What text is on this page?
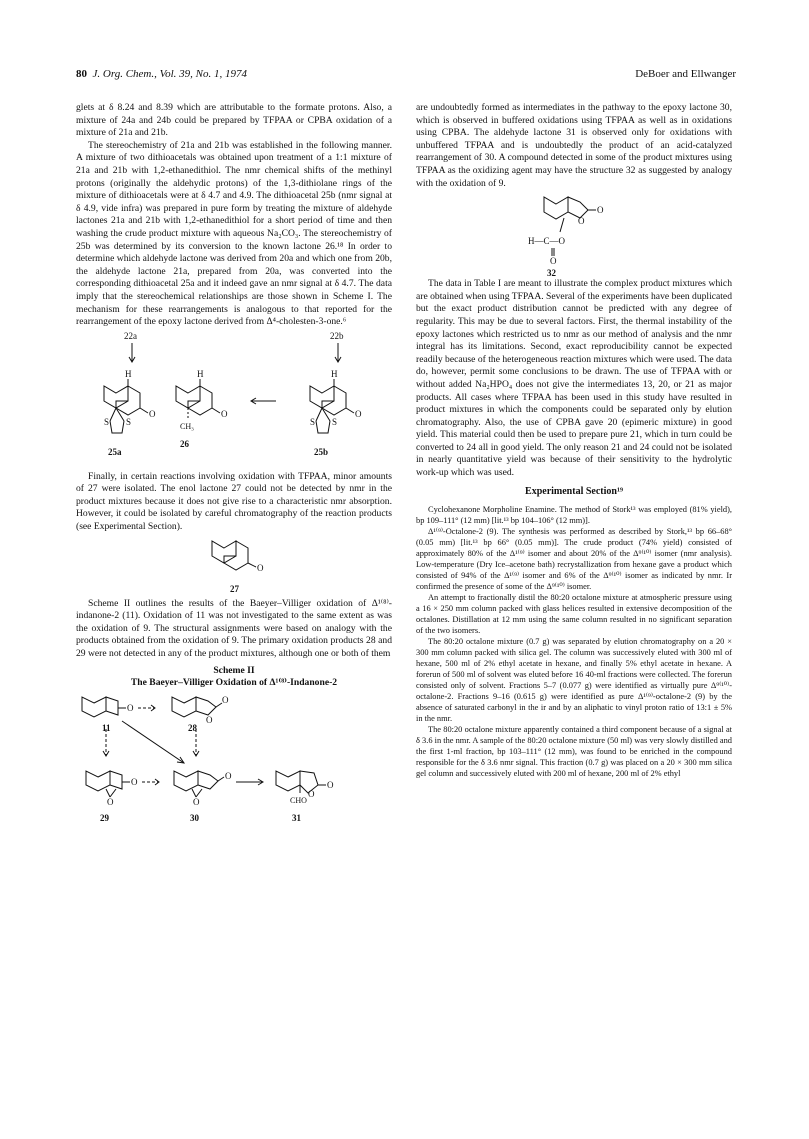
80 J. Org. Chem., Vol. 39, No. 1, 1974	DeBoer and Ellwanger

glets at δ 8.24 and 8.39 which are attributable to the formate protons. Also, a mixture of 24a and 24b could be prepared by TFPAA or CPBA oxidation of a mixture of 21a and 21b.

The stereochemistry of 21a and 21b was established in the following manner. A mixture of two dithioacetals was obtained upon treatment of a 1:1 mixture of 21a and 21b with 1,2-ethanedithiol. The nmr chemical shifts of the methinyl protons (originally the aldehydic protons) of the 1,3-dithiolane rings of the mixture of dithioacetals were at δ 4.7 and 4.9. The dithioacetal 25b (nmr signal at δ 4.9, vide infra) was prepared in pure form by treating the mixture of aldehyde lactones 21a and 21b with 1,2-ethanedithiol for a short period of time and then washing the crude product mixture with aqueous Na₂CO₃. The stereochemistry of 25b was determined by its conversion to the known lactone 26.¹⁸ In order to determine which aldehyde lactone was derived from 20a and which one from 20b, the aldehyde lactone 21a, prepared from 20a, was converted into the corresponding dithioacetal 25a and it indeed gave an nmr signal at δ 4.7. The data imply that the stereochemical relationships are those shown in Scheme I. The mechanism for these rearrangements is analogous to that reported for the rearrangement of the epoxy lactone derived from Δ⁴-cholesten-3-one.⁶

22a	22b
H	H	H
O	O	O
S S	S S
CH₃
26
25a	25b

Finally, in certain reactions involving oxidation with TFPAA, minor amounts of 27 were isolated. The enol lactone 27 could not be detected by nmr in the product mixtures because it does not give rise to a characteristic nmr absorption. However, it could be isolated by careful chromatography of the reaction products (see Experimental Section).

O
27

Scheme II outlines the results of the Baeyer–Villiger oxidation of Δ¹⁽⁸⁾-indanone-2 (11). Oxidation of 11 was not investigated to the same extent as was the oxidation of 9. The structural assignments were based on analogy with the products obtained from the oxidation of 9. The primary oxidation products 28 and 29 were not detected in any of the product mixtures, although one or both of them

Scheme II
The Baeyer–Villiger Oxidation of Δ¹⁽⁸⁾-Indanone-2
O
O
O
11	28
O
O
O
O
O
O
CHO
29	30	31

are undoubtedly formed as intermediates in the pathway to the epoxy lactone 30, which is observed in buffered oxidations using TFPAA as well as in oxidations using CPBA. The aldehyde lactone 31 is observed only for oxidations with unbuffered TFPAA and is undoubtedly the product of an acid-catalyzed rearrangement of 30. A compound detected in some of the product mixtures using TFPAA as the oxidizing agent may have the structure 32 as suggested by analogy with the oxidation of 9.

O
O
H—C—O
O
32

The data in Table I are meant to illustrate the complex product mixtures which are obtained when using TFPAA. Several of the experiments have been duplicated but the exact product distribution cannot be predicted with any degree of regularity. This may be due to several factors. First, the thermal instability of the epoxy lactones which restricted us to nmr as our method of analysis and the nmr integral has its limitations. Second, exact reproducibility cannot be expected readily because of the heterogeneous reaction mixtures which were used. The data do, however, permit some conclusions to be drawn. The use of TFPAA with or without added Na₂HPO₄ does not give the intermediates 13, 20, or 21 as major products. All cases where TFPAA has been used in this study have resulted in product mixtures in which the components could be separated only by elution chromatography. Also, the use of CPBA gave 20 (epimeric mixture) in good yield. This material could then be used to prepare pure 21, which in turn could be converted to 24 all in good yield. The only reason 21 and 24 could not be isolated in nearly quantitative yield was because of their sensitivity to the hydrolytic work-up which was used.

Experimental Section¹⁹

Cyclohexanone Morpholine Enamine. The method of Stork¹³ was employed (81% yield), bp 109–111° (12 mm) [lit.¹³ bp 104–106° (12 mm)].

Δ¹⁽⁹⁾-Octalone-2 (9). The synthesis was performed as described by Stork,¹³ bp 66–68° (0.05 mm) [lit.¹³ bp 66° (0.05 mm)]. The crude product (74% yield) consisted of approximately 80% of the Δ¹⁽⁹⁾ isomer and about 20% of the Δ⁹⁽¹⁰⁾ isomer (nmr analysis). Low-temperature (Dry Ice–acetone bath) recrystallization from hexane gave a product which consisted of 94% of the Δ¹⁽⁹⁾ isomer and 6% of the Δ⁹⁽¹⁰⁾ isomer as indicated by nmr. Ir confirmed the presence of some of the Δ⁹⁽¹⁰⁾ isomer.

An attempt to fractionally distil the 80:20 octalone mixture at atmospheric pressure using a 16 × 250 mm column packed with glass helices resulted in extensive decomposition of the octalones. Distillation at 12 mm using the same column resulted in no significant separation of the two isomers.

The 80:20 octalone mixture (0.7 g) was separated by elution chromatography on a 20 × 300 mm column packed with silica gel. The column was successively eluted with 300 ml of hexane, 500 ml of 2% ethyl acetate in hexane, and finally 5% ethyl acetate in hexane. A forerun of 500 ml of solvent was eluted before 16 40-ml fractions were collected. The forerun consisted only of solvent. Fractions 5–7 (0.077 g) were identified as virtually pure Δ⁹⁽¹⁰⁾-octalone-2. Fractions 9–16 (0.615 g) were identified as pure Δ¹⁽⁹⁾-octalone-2 (9) by the absence of saturated carbonyl in the ir and by an aliphatic to vinyl proton ratio of 13:1 ± 5% in the nmr.

The 80:20 octalone mixture apparently contained a third component because of a signal at δ 3.6 in the nmr. A sample of the 80:20 octalone mixture (50 ml) was very slowly distilled and the first 1-ml fraction, bp 103–111° (12 mm), was found to be enriched in the compound responsible for the δ 3.6 nmr signal. This fraction (0.7 g) was placed on a 20 × 300 mm silica gel column and successively eluted with 200 ml of hexane, 200 ml of 2% ethyl
